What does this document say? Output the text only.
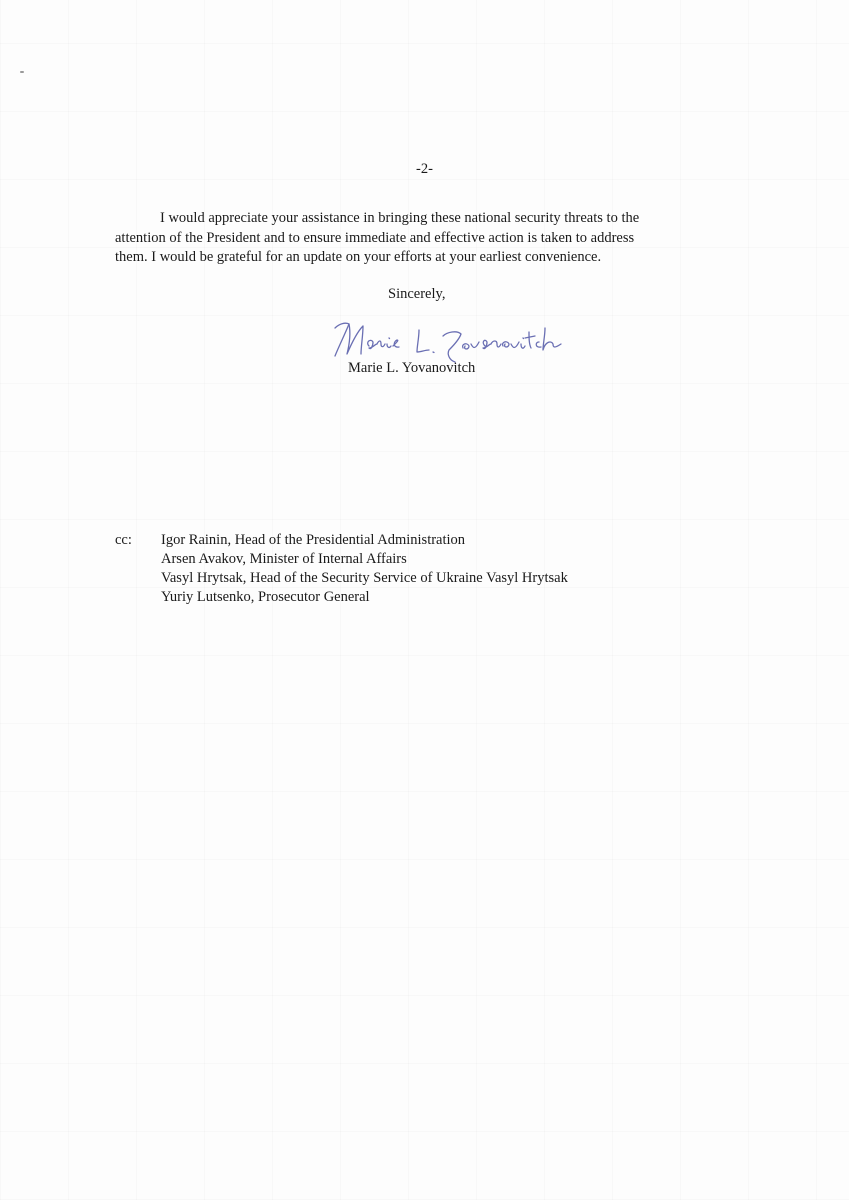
-2-

I would appreciate your assistance in bringing these national security threats to the
attention of the President and to ensure immediate and effective action is taken to address
them. I would be grateful for an update on your efforts at your earliest convenience.

Sincerely,
Marie L. Yovanovitch
cc: Igor Rainin, Head of the Presidential Administration
Arsen Avakov, Minister of Internal Affairs
Vasyl Hrytsak, Head of the Security Service of Ukraine Vasyl Hrytsak
Yuriy Lutsenko, Prosecutor General
